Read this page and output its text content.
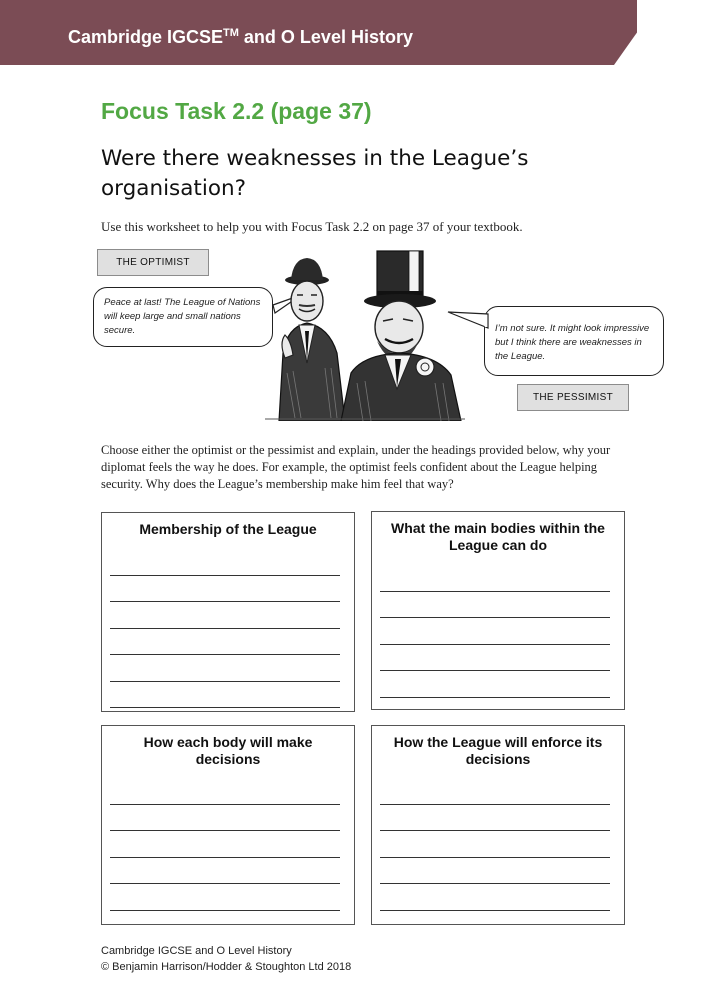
Cambridge IGCSE™ and O Level History
Focus Task 2.2 (page 37)
Were there weaknesses in the League’s organisation?
Use this worksheet to help you with Focus Task 2.2 on page 37 of your textbook.
THE OPTIMIST
Peace at last! The League of Nations will keep large and small nations secure.	I’m not sure. It might look impressive but I think there are weaknesses in the League.
THE PESSIMIST
Choose either the optimist or the pessimist and explain, under the headings provided below, why your diplomat feels the way he does. For example, the optimist feels confident about the League helping security. Why does the League’s membership make him feel that way?
Membership of the League	What the main bodies within the League can do
How each body will make decisions
How the League will enforce its decisions
Cambridge IGCSE and O Level History
© Benjamin Harrison/Hodder & Stoughton Ltd 2018
